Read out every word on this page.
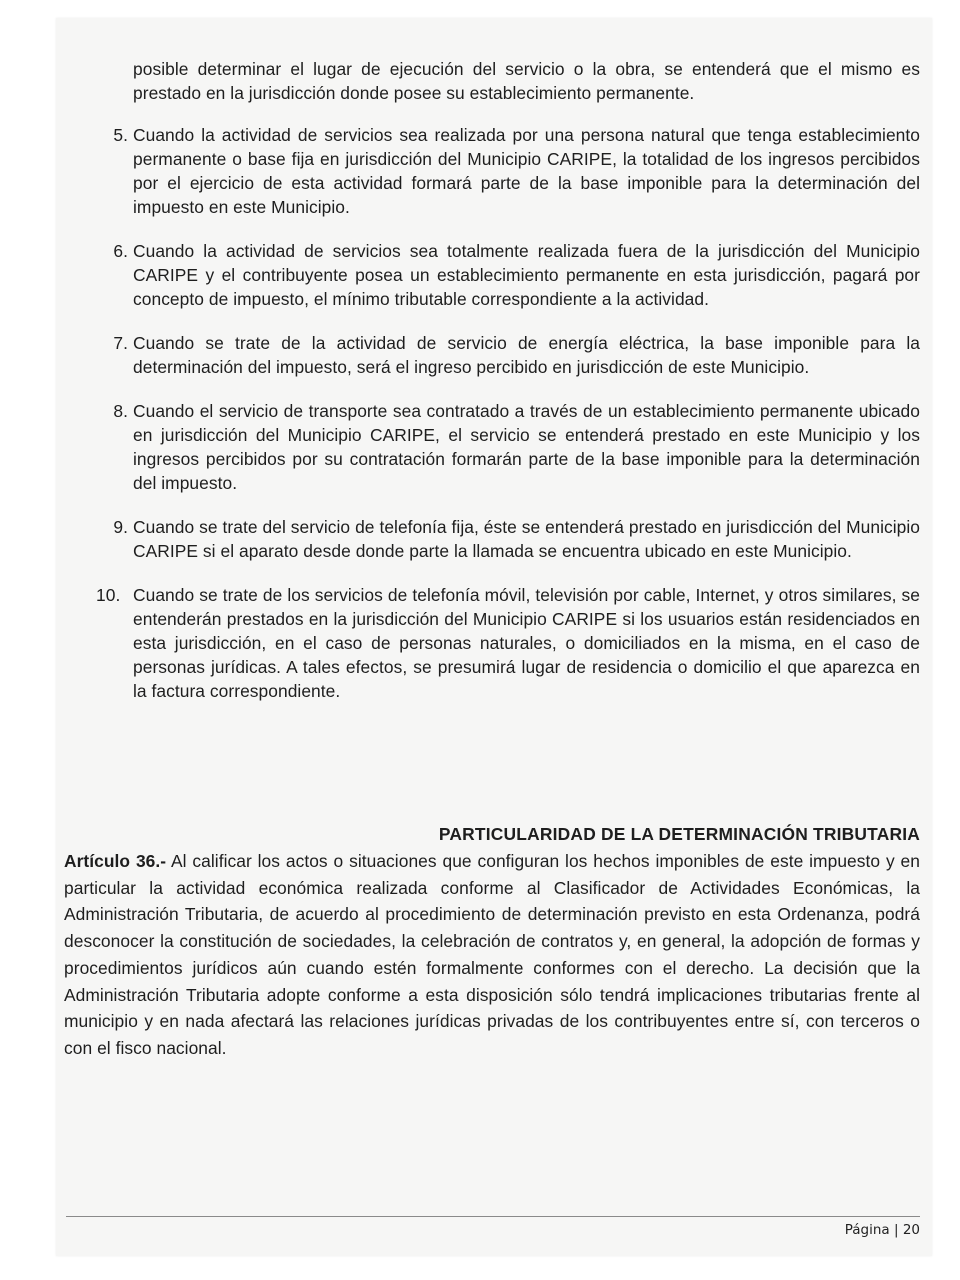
posible determinar el lugar de ejecución del servicio o la obra, se entenderá que el mismo es prestado en la jurisdicción donde posee su establecimiento permanente.

5. Cuando la actividad de servicios sea realizada por una persona natural que tenga establecimiento permanente o base fija en jurisdicción del Municipio CARIPE, la totalidad de los ingresos percibidos por el ejercicio de esta actividad formará parte de la base imponible para la determinación del impuesto en este Municipio.
6. Cuando la actividad de servicios sea totalmente realizada fuera de la jurisdicción del Municipio CARIPE y el contribuyente posea un establecimiento permanente en esta jurisdicción, pagará por concepto de impuesto, el mínimo tributable correspondiente a la actividad.
7. Cuando se trate de la actividad de servicio de energía eléctrica, la base imponible para la determinación del impuesto, será el ingreso percibido en jurisdicción de este Municipio.
8. Cuando el servicio de transporte sea contratado a través de un establecimiento permanente ubicado en jurisdicción del Municipio CARIPE, el servicio se entenderá prestado en este Municipio y los ingresos percibidos por su contratación formarán parte de la base imponible para la determinación del impuesto.
9. Cuando se trate del servicio de telefonía fija, éste se entenderá prestado en jurisdicción del Municipio CARIPE si el aparato desde donde parte la llamada se encuentra ubicado en este Municipio.
10. Cuando se trate de los servicios de telefonía móvil, televisión por cable, Internet, y otros similares, se entenderán prestados en la jurisdicción del Municipio CARIPE si los usuarios están residenciados en esta jurisdicción, en el caso de personas naturales, o domiciliados en la misma, en el caso de personas jurídicas. A tales efectos, se presumirá lugar de residencia o domicilio el que aparezca en la factura correspondiente.
PARTICULARIDAD DE LA DETERMINACIÓN TRIBUTARIA

Artículo 36.- Al calificar los actos o situaciones que configuran los hechos imponibles de este impuesto y en particular la actividad económica realizada conforme al Clasificador de Actividades Económicas, la Administración Tributaria, de acuerdo al procedimiento de determinación previsto en esta Ordenanza, podrá desconocer la constitución de sociedades, la celebración de contratos y, en general, la adopción de formas y procedimientos jurídicos aún cuando estén formalmente conformes con el derecho. La decisión que la Administración Tributaria adopte conforme a esta disposición sólo tendrá implicaciones tributarias frente al municipio y en nada afectará las relaciones jurídicas privadas de los contribuyentes entre sí, con terceros o con el fisco nacional.

Página | 20
